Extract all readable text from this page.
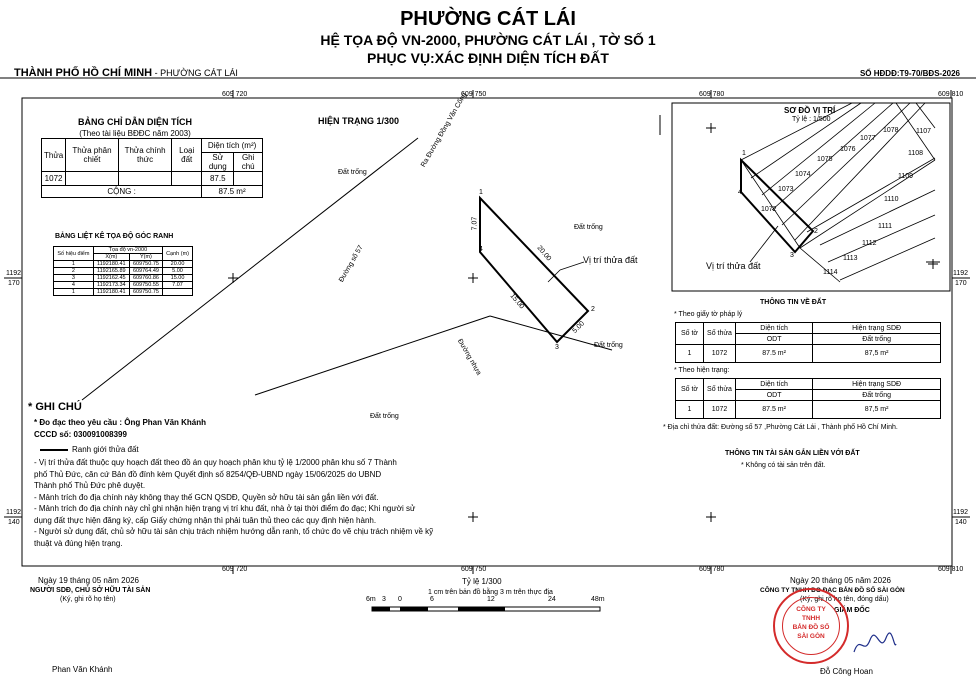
PHƯỜNG CÁT LÁI
HỆ TỌA ĐỘ VN-2000, PHƯỜNG CÁT LÁI , TỜ SỐ 1
PHỤC VỤ:XÁC ĐỊNH DIỆN TÍCH ĐẤT
THÀNH PHỐ HỒ CHÍ MINH - PHƯỜNG CÁT LÁI	SỐ HĐDĐ:T9-70/BĐS-2026
609 720	609 750	609 780	609 810
609 720	609 750	609 780	609 810
1192
170
1192
140
1192
170
1192
140
BẢNG CHỈ DẪN DIỆN TÍCH
(Theo tài liệu BĐĐC năm 2003)
Thửa	Thửa phân chiết	Thửa chính thức	Loại đất	Diện tích (m²)	
				Sử dụng	Ghi chú
1072				87.5	
CỘNG :				87.5 m²	
BẢNG LIỆT KÊ TỌA ĐỘ GÓC RANH
Số hiệu điểm	Tọa độ vn-2000		Cạnh (m)
	X(m)	Y(m)	
1	1192180.41	609750.75	20.00
2	1192165.89	609764.49	5.00
3	1192162.45	609760.86	15.00
4	1192173.34	609750.55	7.07
1	1192180.41	609750.75	
HIỆN TRẠNG 1/300	Ra Đường Đồng Văn Cống
Đất trống
Đất trống
Đất trống
Đất trống
Đường số 57
Đường nhựa
Vị trí thửa đất
1
2
3
4	20.00
5.00
15.00
7.07
SƠ ĐỒ VỊ TRÍ
Tỷ lệ : 1/500
1072
1073
1074
1075
1076
1077
1078 1107
1108
1109
1110
1111
1112
1113
1114
Vị trí thửa đất
1
2
3
4
THÔNG TIN VỀ ĐẤT
* Theo giấy tờ pháp lý
Số tờ	Số thửa	Diện tích	Hiện trạng SDĐ
		ODT	Đất trống
1	1072	87.5 m²	87,5 m²
* Theo hiện trạng:
Số tờ	Số thửa	Diện tích	Hiện trạng SDĐ
		ODT	Đất trống
1	1072	87.5 m²	87,5 m²
* Địa chỉ thửa đất: Đường số 57 ,Phường Cát Lái , Thành phố Hồ Chí Minh.
THÔNG TIN TÀI SẢN GẮN LIỀN VỚI ĐẤT
* Không có tài sản trên đất.
* GHI CHÚ
* Đo đạc theo yêu cầu : Ông Phan Văn Khánh
CCCD số: 030091008399
Ranh giới thửa đất
- Vị trí thửa đất thuộc quy hoạch đất theo đồ án quy hoạch phân khu tỷ lệ 1/2000 phân khu số 7 Thành
phố Thủ Đức, căn cứ Bản đồ đính kèm Quyết định số 8254/QĐ-UBND ngày 15/06/2025 do UBND
Thành phố Thủ Đức phê duyệt.
- Mảnh trích đo địa chính này không thay thế GCN QSDĐ, Quyền sở hữu tài sản gắn liền với đất.
- Mảnh trích đo địa chính này chỉ ghi nhận hiện trạng vị trí khu đất, nhà ở tại thời điểm đo đạc; Khi người sử
dụng đất thực hiện đăng ký, cấp Giấy chứng nhận thì phải tuân thủ theo các quy định hiện hành.
- Người sử dụng đất, chủ sở hữu tài sản chịu trách nhiệm hướng dẫn ranh, tổ chức đo vẽ chịu trách nhiệm về kỹ
thuật và đúng hiện trạng.
Ngày 19 tháng 05 năm 2026
NGƯỜI SDĐ, CHỦ SỞ HỮU TÀI SẢN
(Ký, ghi rõ họ tên)
Phan Văn Khánh
Tỷ lệ 1/300
1 cm trên bản đồ bằng 3 m trên thực địa
6m 3 0	6	12	24	48m
Ngày 20 tháng 05 năm 2026
CÔNG TY TNHH ĐO ĐẠC BẢN ĐỒ SỐ SÀI GÒN
(Ký, ghi rõ họ tên, đóng dấu)
GIÁM ĐỐC
Đỗ Công Hoan
CÔNG TY
TNHH
BẢN ĐỒ SỐ
SÀI GÒN
